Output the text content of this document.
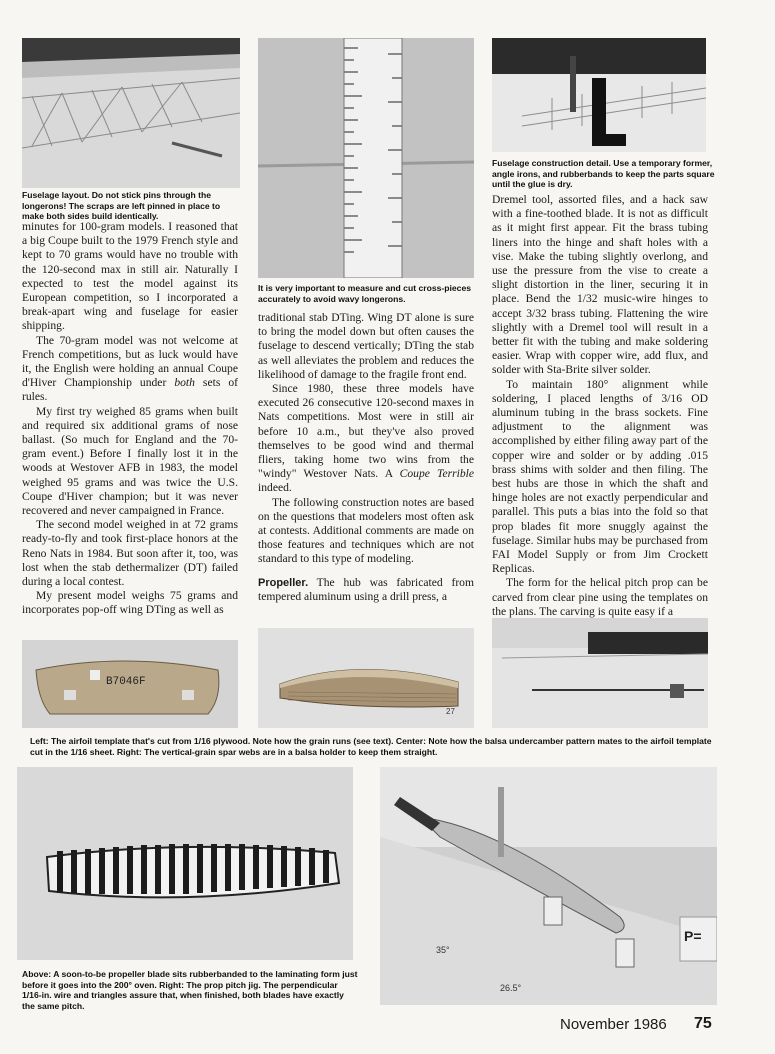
Fuselage layout. Do not stick pins through the longerons! The scraps are left pinned in place to make both sides build identically.
It is very important to measure and cut cross-pieces accurately to avoid wavy longerons.
Fuselage construction detail. Use a temporary former, angle irons, and rubberbands to keep the parts square until the glue is dry.

minutes for 100-gram models. I reasoned that a big Coupe built to the 1979 French style and kept to 70 grams would have no trouble with the 120-second max in still air. Naturally I expected to test the model against its European competition, so I incorporated a break-apart wing and fuselage for easier shipping.

The 70-gram model was not welcome at French competitions, but as luck would have it, the English were holding an annual Coupe d'Hiver Championship under both sets of rules.

My first try weighed 85 grams when built and required six additional grams of nose ballast. (So much for England and the 70-gram event.) Before I finally lost it in the woods at Westover AFB in 1983, the model weighed 95 grams and was twice the U.S. Coupe d'Hiver champion; but it was never recovered and never campaigned in France.

The second model weighed in at 72 grams ready-to-fly and took first-place honors at the Reno Nats in 1984. But soon after it, too, was lost when the stab dethermalizer (DT) failed during a local contest.

My present model weighs 75 grams and incorporates pop-off wing DTing as well as

traditional stab DTing. Wing DT alone is sure to bring the model down but often causes the fuselage to descend vertically; DTing the stab as well alleviates the problem and reduces the likelihood of damage to the fragile front end.

Since 1980, these three models have executed 26 consecutive 120-second maxes in Nats competitions. Most were in still air before 10 a.m., but they've also proved themselves to be good wind and thermal fliers, taking home two wins from the "windy" Westover Nats. A Coupe Terrible indeed.

The following construction notes are based on the questions that modelers most often ask at contests. Additional comments are made on those features and techniques which are not standard to this type of modeling.

Propeller. The hub was fabricated from tempered aluminum using a drill press, a

Dremel tool, assorted files, and a hack saw with a fine-toothed blade. It is not as difficult as it might first appear. Fit the brass tubing liners into the hinge and shaft holes with a vise. Make the tubing slightly overlong, and use the pressure from the vise to create a slight distortion in the liner, securing it in place. Bend the 1/32 music-wire hinges to accept 3/32 brass tubing. Flattening the wire slightly with a Dremel tool will result in a better fit with the tubing and make soldering easier. Wrap with copper wire, add flux, and solder with Sta-Brite silver solder.

To maintain 180° alignment while soldering, I placed lengths of 3/16 OD aluminum tubing in the brass sockets. Fine adjustment to the alignment was accomplished by either filing away part of the copper wire and solder or by adding .015 brass shims with solder and then filing. The best hubs are those in which the shaft and hinge holes are not exactly perpendicular and parallel. This puts a bias into the fold so that prop blades fit more snuggly against the fuselage. Similar hubs may be purchased from FAI Model Supply or from Jim Crockett Replicas.

The form for the helical pitch prop can be carved from clear pine using the templates on the plans. The carving is quite easy if a

B7046F
27
Left: The airfoil template that's cut from 1/16 plywood. Note how the grain runs (see text). Center: Note how the balsa undercamber pattern mates to the airfoil template cut in the 1/16 sheet. Right: The vertical-grain spar webs are in a balsa holder to keep them straight.
35°
26.5°
P=
Above: A soon-to-be propeller blade sits rubberbanded to the laminating form just before it goes into the 200° oven. Right: The prop pitch jig. The perpendicular 1/16-in. wire and triangles assure that, when finished, both blades have exactly the same pitch.
November 1986 75
